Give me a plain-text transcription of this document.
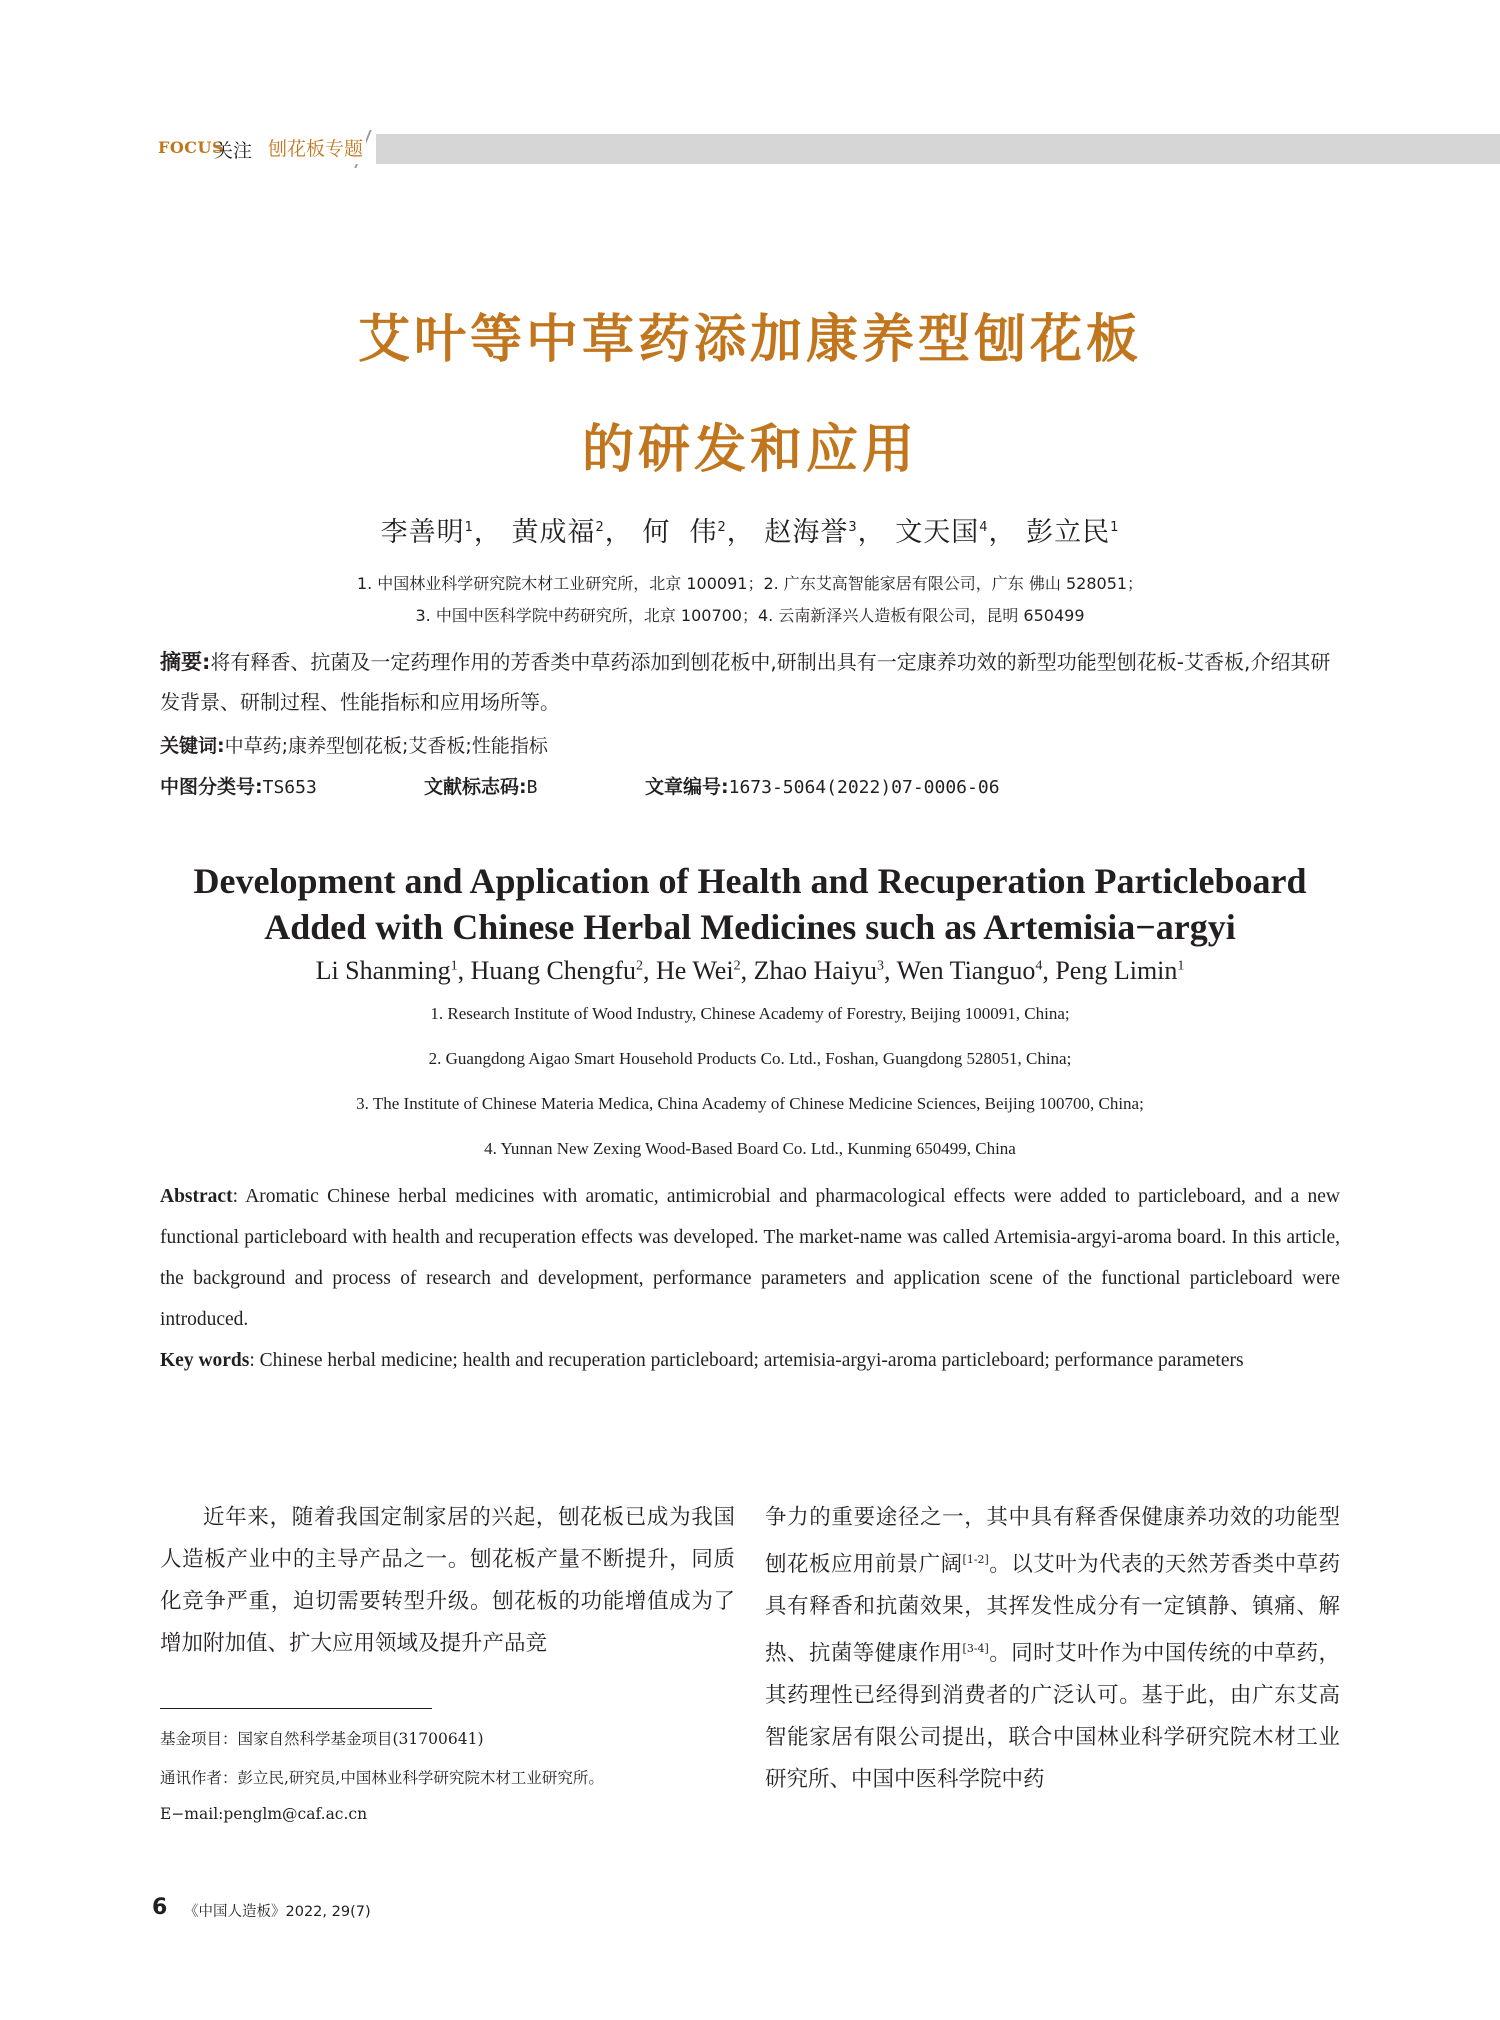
FOCUS
关注 刨花板专题
艾叶等中草药添加康养型刨花板
的研发和应用
李善明$^1$， 黄成福$^2$， 何  伟$^2$， 赵海誉$^3$， 文天国$^4$， 彭立民$^1$
1. 中国林业科学研究院木材工业研究所，北京 100091；2. 广东艾高智能家居有限公司，广东 佛山 528051；
3. 中国中医科学院中药研究所，北京 100700；4. 云南新泽兴人造板有限公司，昆明 650499
摘要:将有释香、抗菌及一定药理作用的芳香类中草药添加到刨花板中,研制出具有一定康养功效的新型功能型刨花板-艾香板,介绍其研发背景、研制过程、性能指标和应用场所等。
关键词:中草药;康养型刨花板;艾香板;性能指标
中图分类号:TS653	文献标志码:B	文章编号:1673-5064(2022)07-0006-06
Development and Application of Health and Recuperation Particleboard
Added with Chinese Herbal Medicines such as Artemisia−argyi
Li Shanming$^1$, Huang Chengfu$^2$, He Wei$^2$, Zhao Haiyu$^3$, Wen Tianguo$^4$, Peng Limin$^1$
1. Research Institute of Wood Industry, Chinese Academy of Forestry, Beijing 100091, China;
2. Guangdong Aigao Smart Household Products Co. Ltd., Foshan, Guangdong 528051, China;
3. The Institute of Chinese Materia Medica, China Academy of Chinese Medicine Sciences, Beijing 100700, China;
4. Yunnan New Zexing Wood-Based Board Co. Ltd., Kunming 650499, China
Abstract: Aromatic Chinese herbal medicines with aromatic, antimicrobial and pharmacological effects were added to particleboard, and a new functional particleboard with health and recuperation effects was developed. The market-name was called Artemisia-argyi-aroma board. In this article, the background and process of research and development, performance parameters and application scene of the functional particleboard were introduced.
Key words: Chinese herbal medicine; health and recuperation particleboard; artemisia-argyi-aroma particleboard; performance parameters
近年来，随着我国定制家居的兴起，刨花板已成为我国人造板产业中的主导产品之一。刨花板产量不断提升，同质化竞争严重，迫切需要转型升级。刨花板的功能增值成为了增加附加值、扩大应用领域及提升产品竞
争力的重要途径之一，其中具有释香保健康养功效的功能型刨花板应用前景广阔[1-2]。以艾叶为代表的天然芳香类中草药具有释香和抗菌效果，其挥发性成分有一定镇静、镇痛、解热、抗菌等健康作用[3-4]。同时艾叶作为中国传统的中草药，其药理性已经得到消费者的广泛认可。基于此，由广东艾高智能家居有限公司提出，联合中国林业科学研究院木材工业研究所、中国中医科学院中药
基金项目：国家自然科学基金项目(31700641)
通讯作者：彭立民,研究员,中国林业科学研究院木材工业研究所。
E−mail:penglm@caf.ac.cn
6 《中国人造板》2022, 29(7)
